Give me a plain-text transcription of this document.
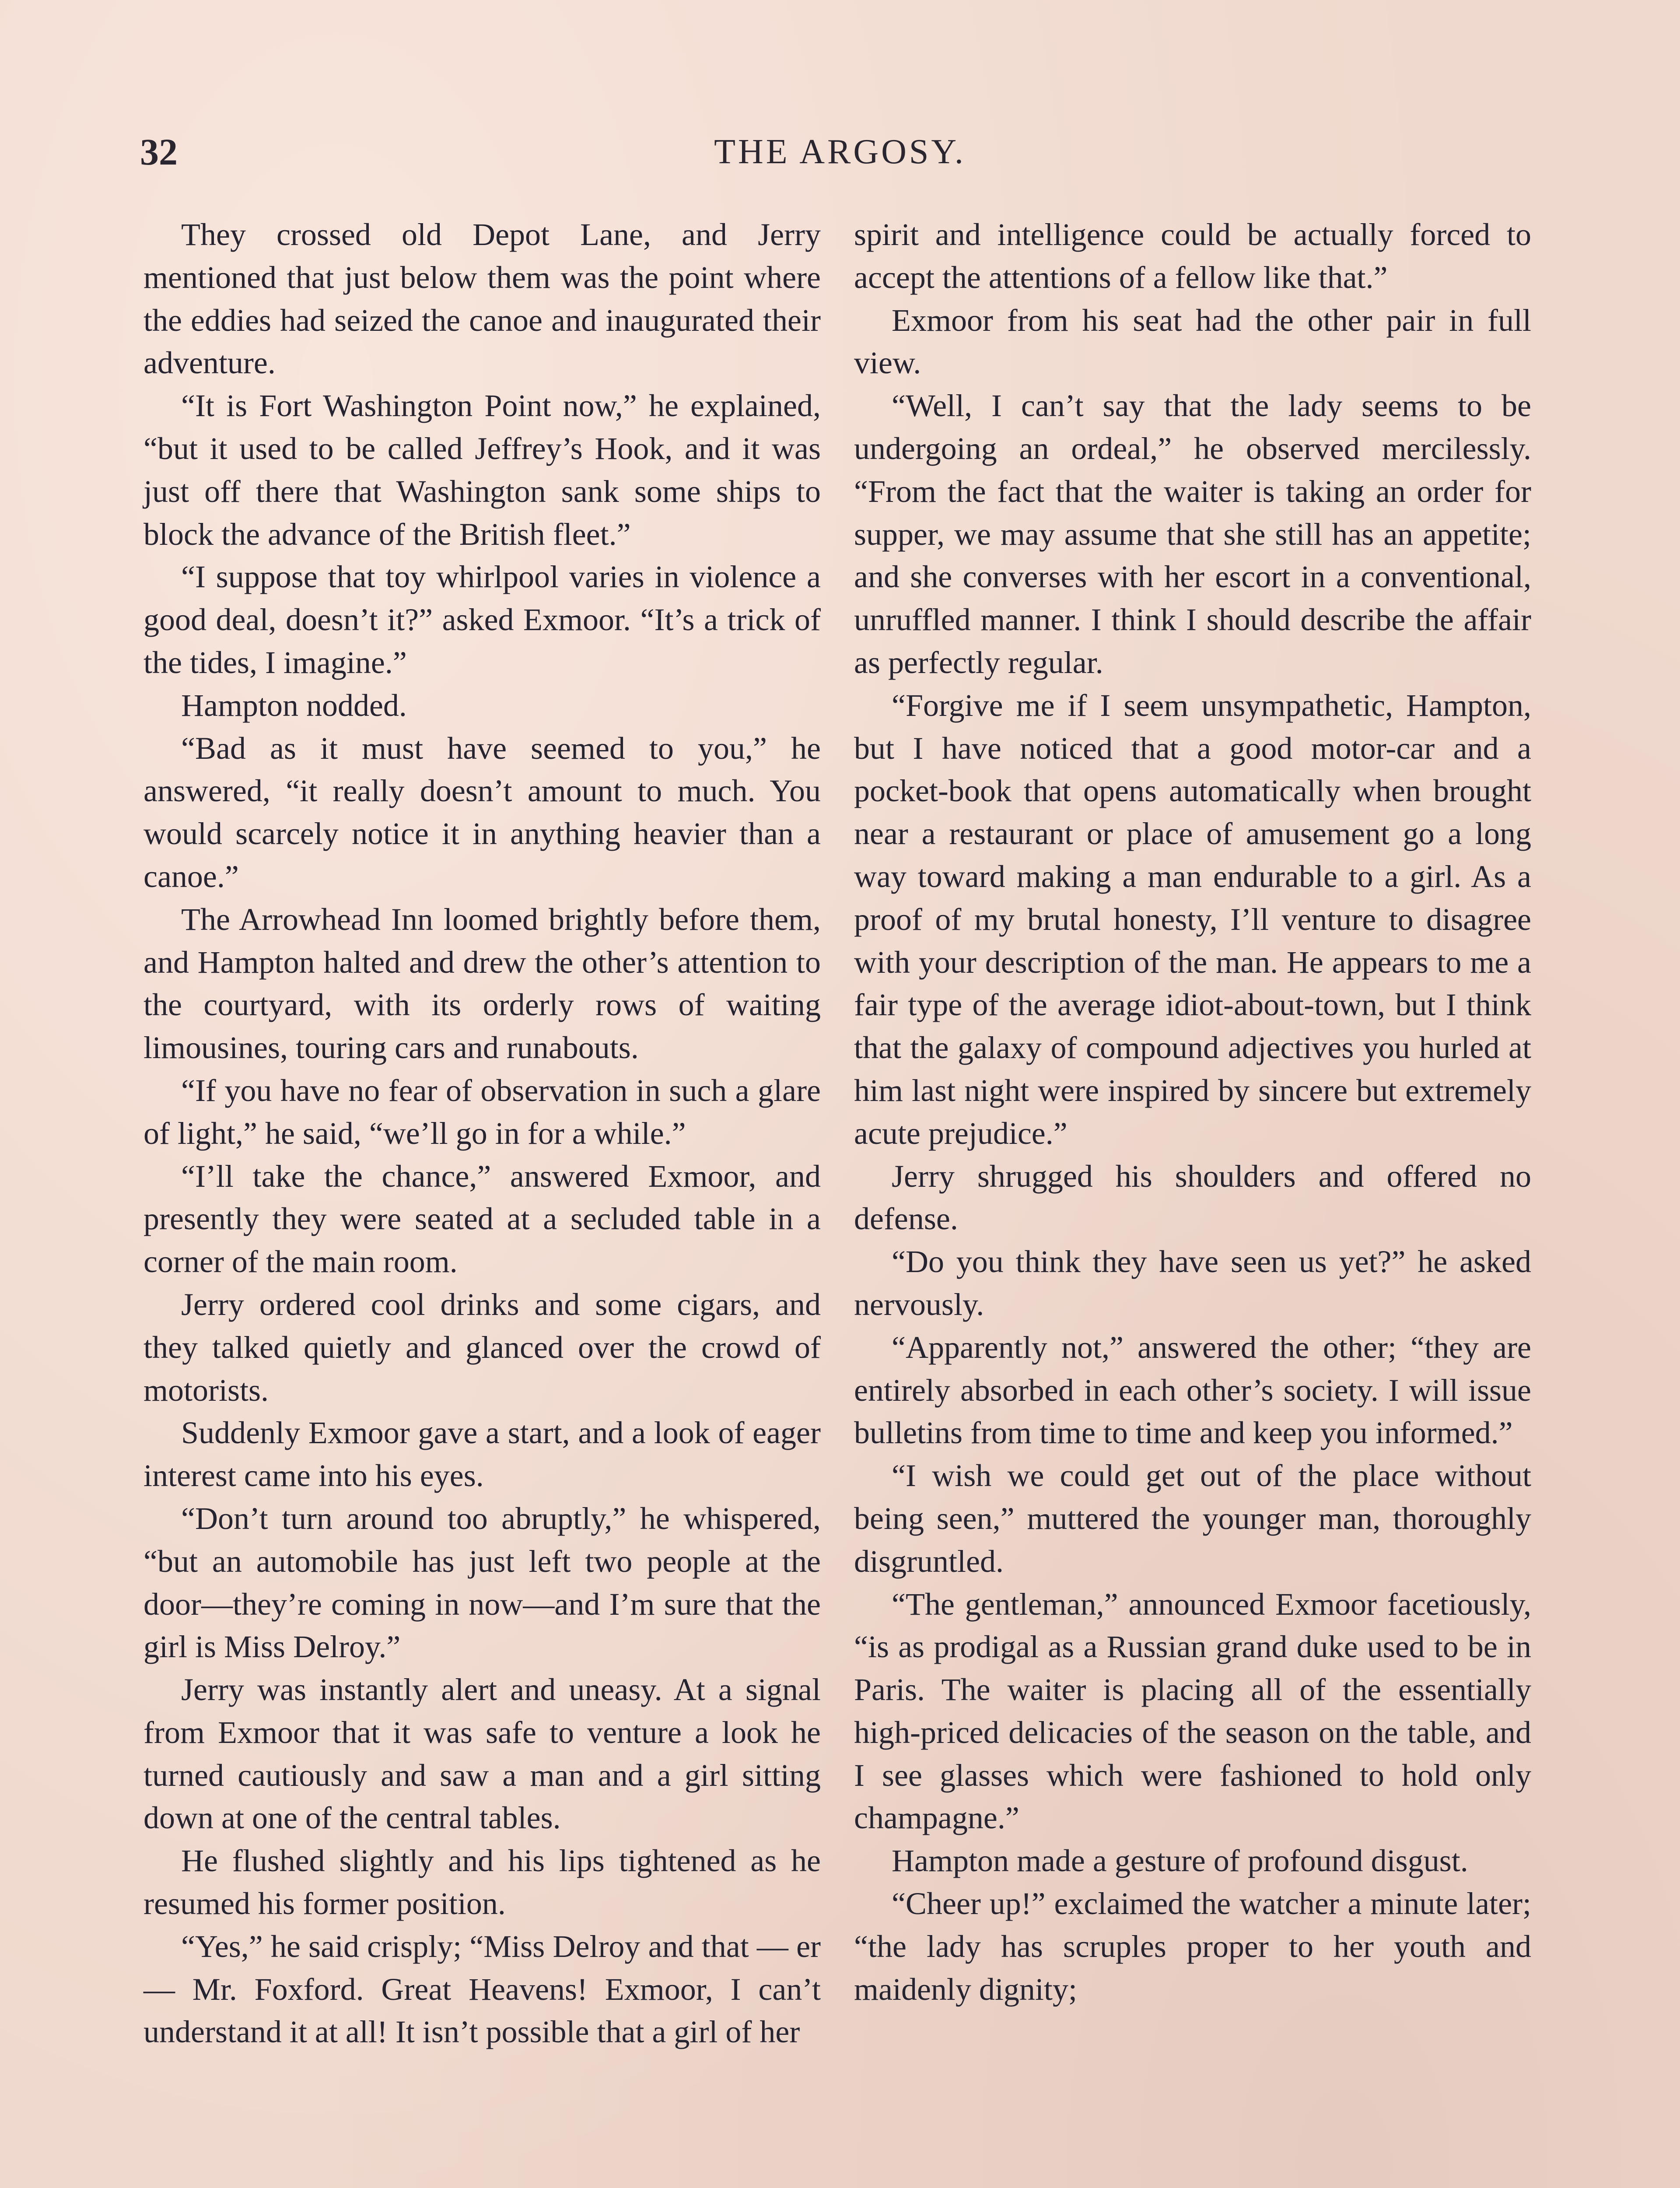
32	THE ARGOSY.

They crossed old Depot Lane, and Jerry mentioned that just below them was the point where the eddies had seized the canoe and inaugurated their adventure.

“It is Fort Washington Point now,” he explained, “but it used to be called Jeffrey’s Hook, and it was just off there that Washington sank some ships to block the advance of the British fleet.”

“I suppose that toy whirlpool varies in violence a good deal, doesn’t it?” asked Exmoor. “It’s a trick of the tides, I imagine.”

Hampton nodded.

“Bad as it must have seemed to you,” he answered, “it really doesn’t amount to much. You would scarcely notice it in anything heavier than a canoe.”

The Arrowhead Inn loomed brightly before them, and Hampton halted and drew the other’s attention to the courtyard, with its orderly rows of waiting limousines, touring cars and runabouts.

“If you have no fear of observation in such a glare of light,” he said, “we’ll go in for a while.”

“I’ll take the chance,” answered Exmoor, and presently they were seated at a secluded table in a corner of the main room.

Jerry ordered cool drinks and some cigars, and they talked quietly and glanced over the crowd of motorists.

Suddenly Exmoor gave a start, and a look of eager interest came into his eyes.

“Don’t turn around too abruptly,” he whispered, “but an automobile has just left two people at the door—they’re coming in now—and I’m sure that the girl is Miss Delroy.”

Jerry was instantly alert and uneasy. At a signal from Exmoor that it was safe to venture a look he turned cautiously and saw a man and a girl sitting down at one of the central tables.

He flushed slightly and his lips tightened as he resumed his former position.

“Yes,” he said crisply; “Miss Delroy and that — er — Mr. Foxford. Great Heavens! Exmoor, I can’t understand it at all! It isn’t possible that a girl of her

spirit and intelligence could be actually forced to accept the attentions of a fellow like that.”

Exmoor from his seat had the other pair in full view.

“Well, I can’t say that the lady seems to be undergoing an ordeal,” he observed mercilessly. “From the fact that the waiter is taking an order for supper, we may assume that she still has an appetite; and she converses with her escort in a conventional, unruffled manner. I think I should describe the affair as perfectly regular.

“Forgive me if I seem unsympathetic, Hampton, but I have noticed that a good motor-car and a pocket-book that opens automatically when brought near a restaurant or place of amusement go a long way toward making a man endurable to a girl. As a proof of my brutal honesty, I’ll venture to disagree with your description of the man. He appears to me a fair type of the average idiot-about-town, but I think that the galaxy of compound adjectives you hurled at him last night were inspired by sincere but extremely acute prejudice.”

Jerry shrugged his shoulders and offered no defense.

“Do you think they have seen us yet?” he asked nervously.

“Apparently not,” answered the other; “they are entirely absorbed in each other’s society. I will issue bulletins from time to time and keep you informed.”

“I wish we could get out of the place without being seen,” muttered the younger man, thoroughly disgruntled.

“The gentleman,” announced Exmoor facetiously, “is as prodigal as a Russian grand duke used to be in Paris. The waiter is placing all of the essentially high-priced delicacies of the season on the table, and I see glasses which were fashioned to hold only champagne.”

Hampton made a gesture of profound disgust.

“Cheer up!” exclaimed the watcher a minute later; “the lady has scruples proper to her youth and maidenly dignity;
